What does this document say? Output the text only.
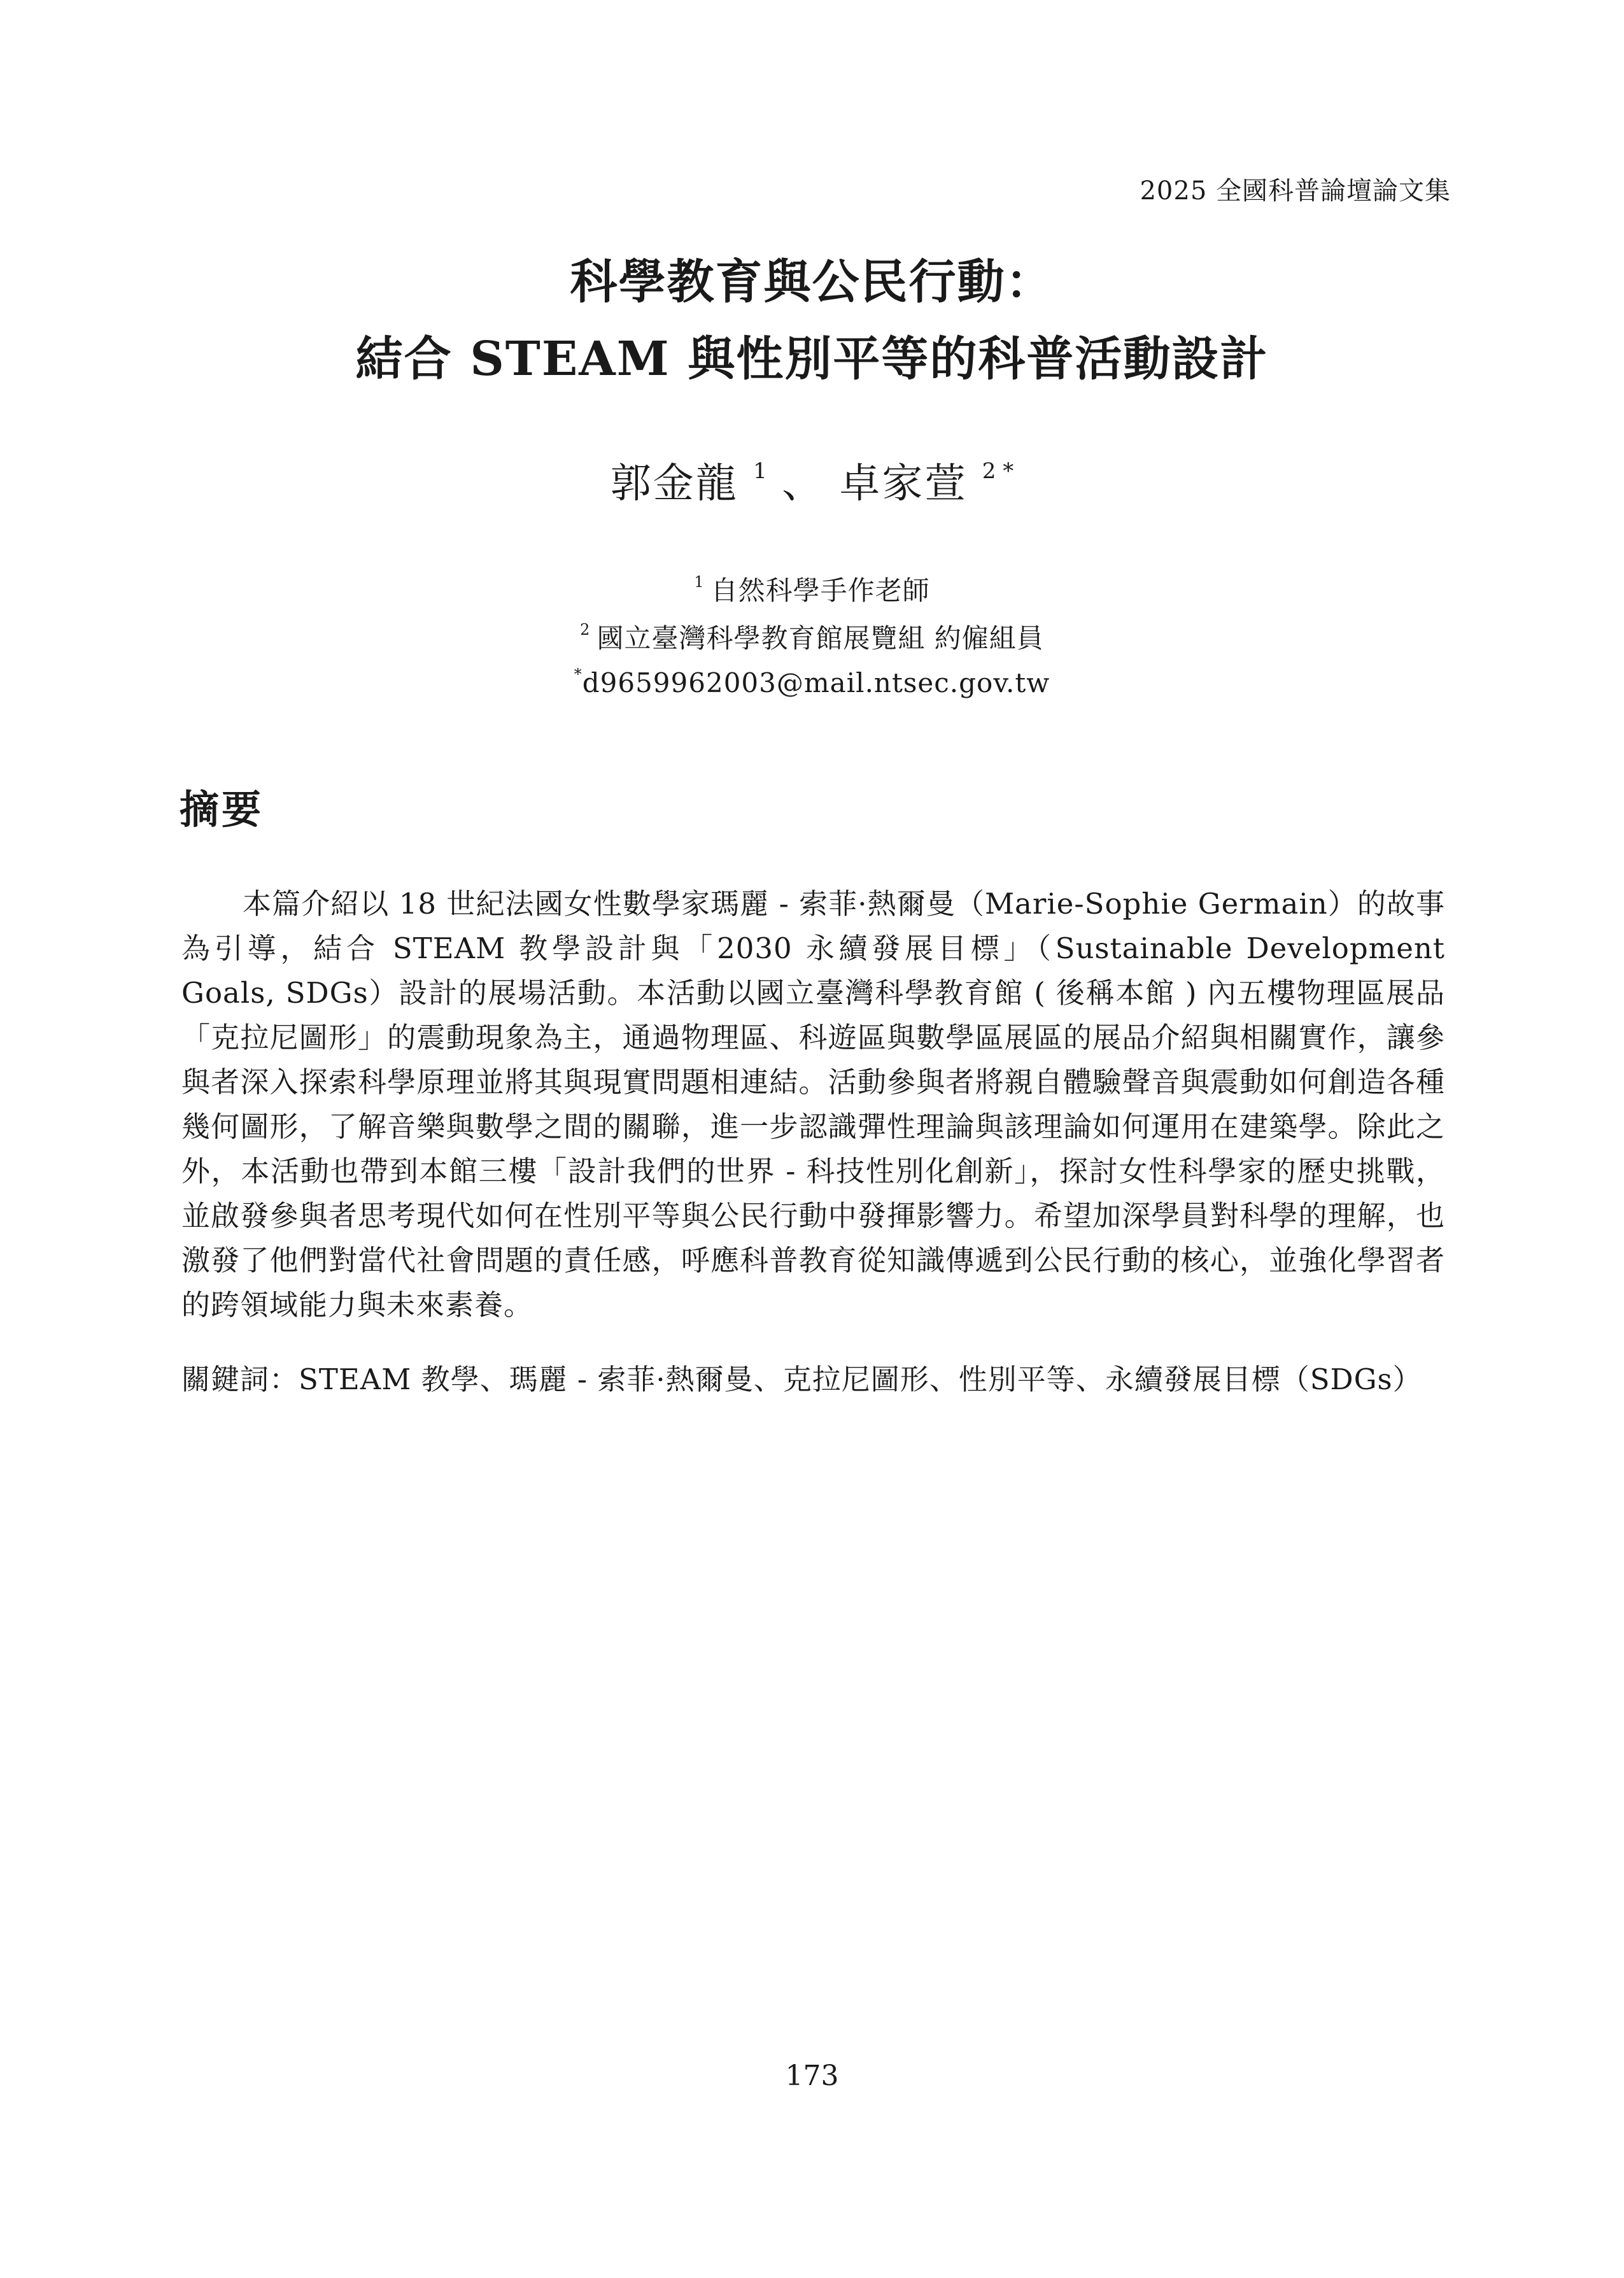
2025 全國科普論壇論文集
科學教育與公民行動：
結合 STEAM 與性別平等的科普活動設計
郭金龍 $^1$ 、 卓家萱 $^{2 *}$
$^1$ 自然科學手作老師
$^2$ 國立臺灣科學教育館展覽組 約僱組員
*d9659962003@mail.ntsec.gov.tw
摘要
本篇介紹以 18 世紀法國女性數學家瑪麗 - 索菲·熱爾曼（Marie-Sophie Germain）的故事為引導，結合 STEAM 教學設計與「2030 永續發展目標」（Sustainable Development Goals, SDGs）設計的展場活動。本活動以國立臺灣科學教育館 ( 後稱本館 ) 內五樓物理區展品「克拉尼圖形」的震動現象為主，通過物理區、科遊區與數學區展區的展品介紹與相關實作，讓參與者深入探索科學原理並將其與現實問題相連結。活動參與者將親自體驗聲音與震動如何創造各種幾何圖形，了解音樂與數學之間的關聯，進一步認識彈性理論與該理論如何運用在建築學。除此之外，本活動也帶到本館三樓「設計我們的世界 - 科技性別化創新」，探討女性科學家的歷史挑戰，並啟發參與者思考現代如何在性別平等與公民行動中發揮影響力。希望加深學員對科學的理解，也激發了他們對當代社會問題的責任感，呼應科普教育從知識傳遞到公民行動的核心，並強化學習者的跨領域能力與未來素養。
關鍵詞：STEAM 教學、瑪麗 - 索菲·熱爾曼、克拉尼圖形、性別平等、永續發展目標（SDGs）
173
